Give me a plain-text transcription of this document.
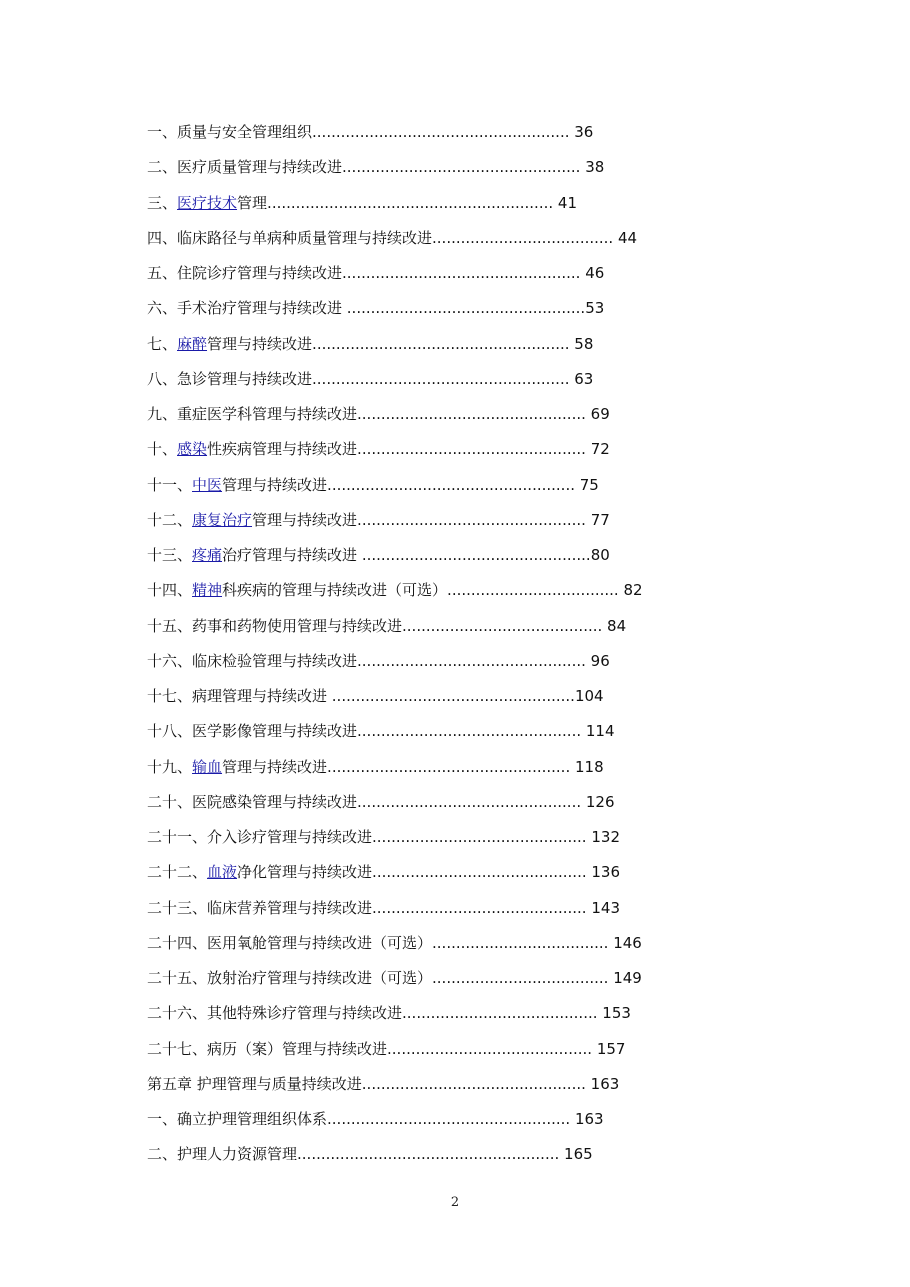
一、质量与安全管理组织...................................................... 36
二、医疗质量管理与持续改进.................................................. 38
三、医疗技术管理............................................................ 41
四、临床路径与单病种质量管理与持续改进...................................... 44
五、住院诊疗管理与持续改进.................................................. 46
六、手术治疗管理与持续改进 ..................................................53
七、麻醉管理与持续改进...................................................... 58
八、急诊管理与持续改进...................................................... 63
九、重症医学科管理与持续改进................................................ 69
十、感染性疾病管理与持续改进................................................ 72
十一、中医管理与持续改进.................................................... 75
十二、康复治疗管理与持续改进................................................ 77
十三、疼痛治疗管理与持续改进 ................................................80
十四、精神科疾病的管理与持续改进（可选）.................................... 82
十五、药事和药物使用管理与持续改进.......................................... 84
十六、临床检验管理与持续改进................................................ 96
十七、病理管理与持续改进 ...................................................104
十八、医学影像管理与持续改进............................................... 114
十九、输血管理与持续改进................................................... 118
二十、医院感染管理与持续改进............................................... 126
二十一、介入诊疗管理与持续改进............................................. 132
二十二、血液净化管理与持续改进............................................. 136
二十三、临床营养管理与持续改进............................................. 143
二十四、医用氧舱管理与持续改进（可选）..................................... 146
二十五、放射治疗管理与持续改进（可选）..................................... 149
二十六、其他特殊诊疗管理与持续改进......................................... 153
二十七、病历（案）管理与持续改进........................................... 157
第五章 护理管理与质量持续改进............................................... 163
一、确立护理管理组织体系................................................... 163
二、护理人力资源管理....................................................... 165
2
